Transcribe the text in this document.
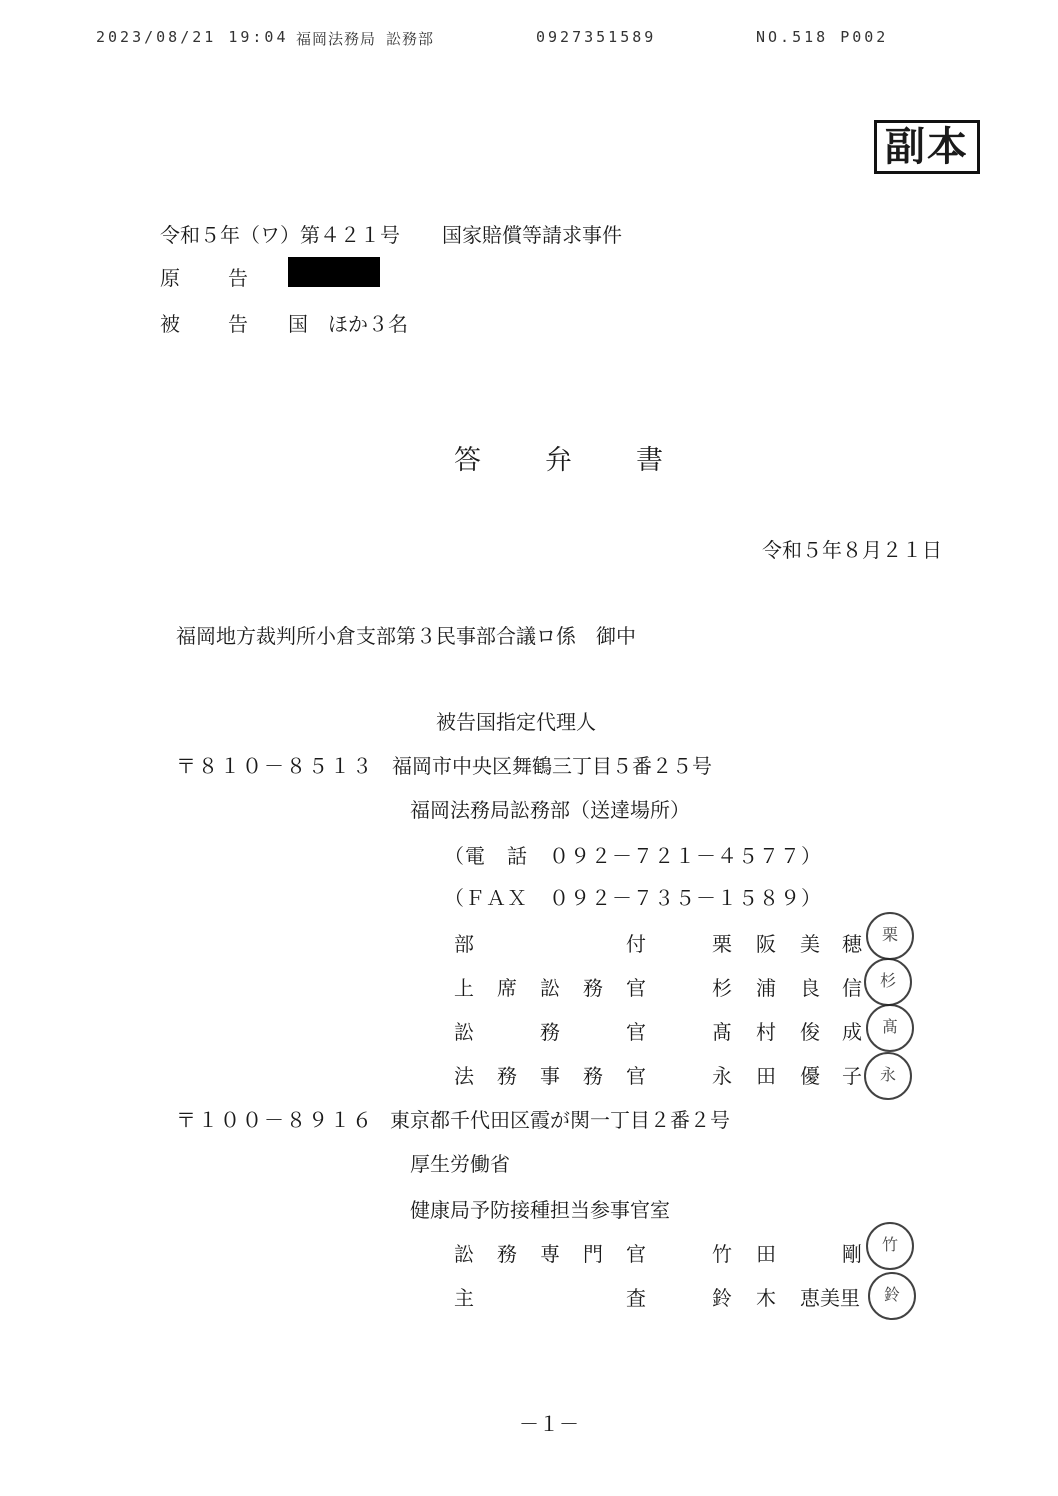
2023/08/21 19:04 福岡法務局 訟務部	0927351589	NO.518 P002
副本
令和５年（ワ）第４２１号 国家賠償等請求事件
原　告
被　告 国　ほか３名
答弁書
令和５年８月２１日
福岡地方裁判所小倉支部第３民事部合議ロ係　御中
被告国指定代理人
〒８１０－８５１３ 福岡市中央区舞鶴三丁目５番２５号
福岡法務局訟務部（送達場所）
（電　話　０９２－７２１－４５７７）
（ＦＡＸ　０９２－７３５－１５８９）
部	付	栗 阪 美 穂	栗
上 席 訟 務 官	杉 浦 良 信	杉
訟	務	官	髙 村 俊 成	髙
法 務 事 務 官	永 田 優 子	永
〒１００－８９１６ 東京都千代田区霞が関一丁目２番２号
厚生労働省
健康局予防接種担当参事官室
訟 務 専 門 官	竹 田	剛	竹
主	査	鈴 木 恵美里	鈴
－１－
